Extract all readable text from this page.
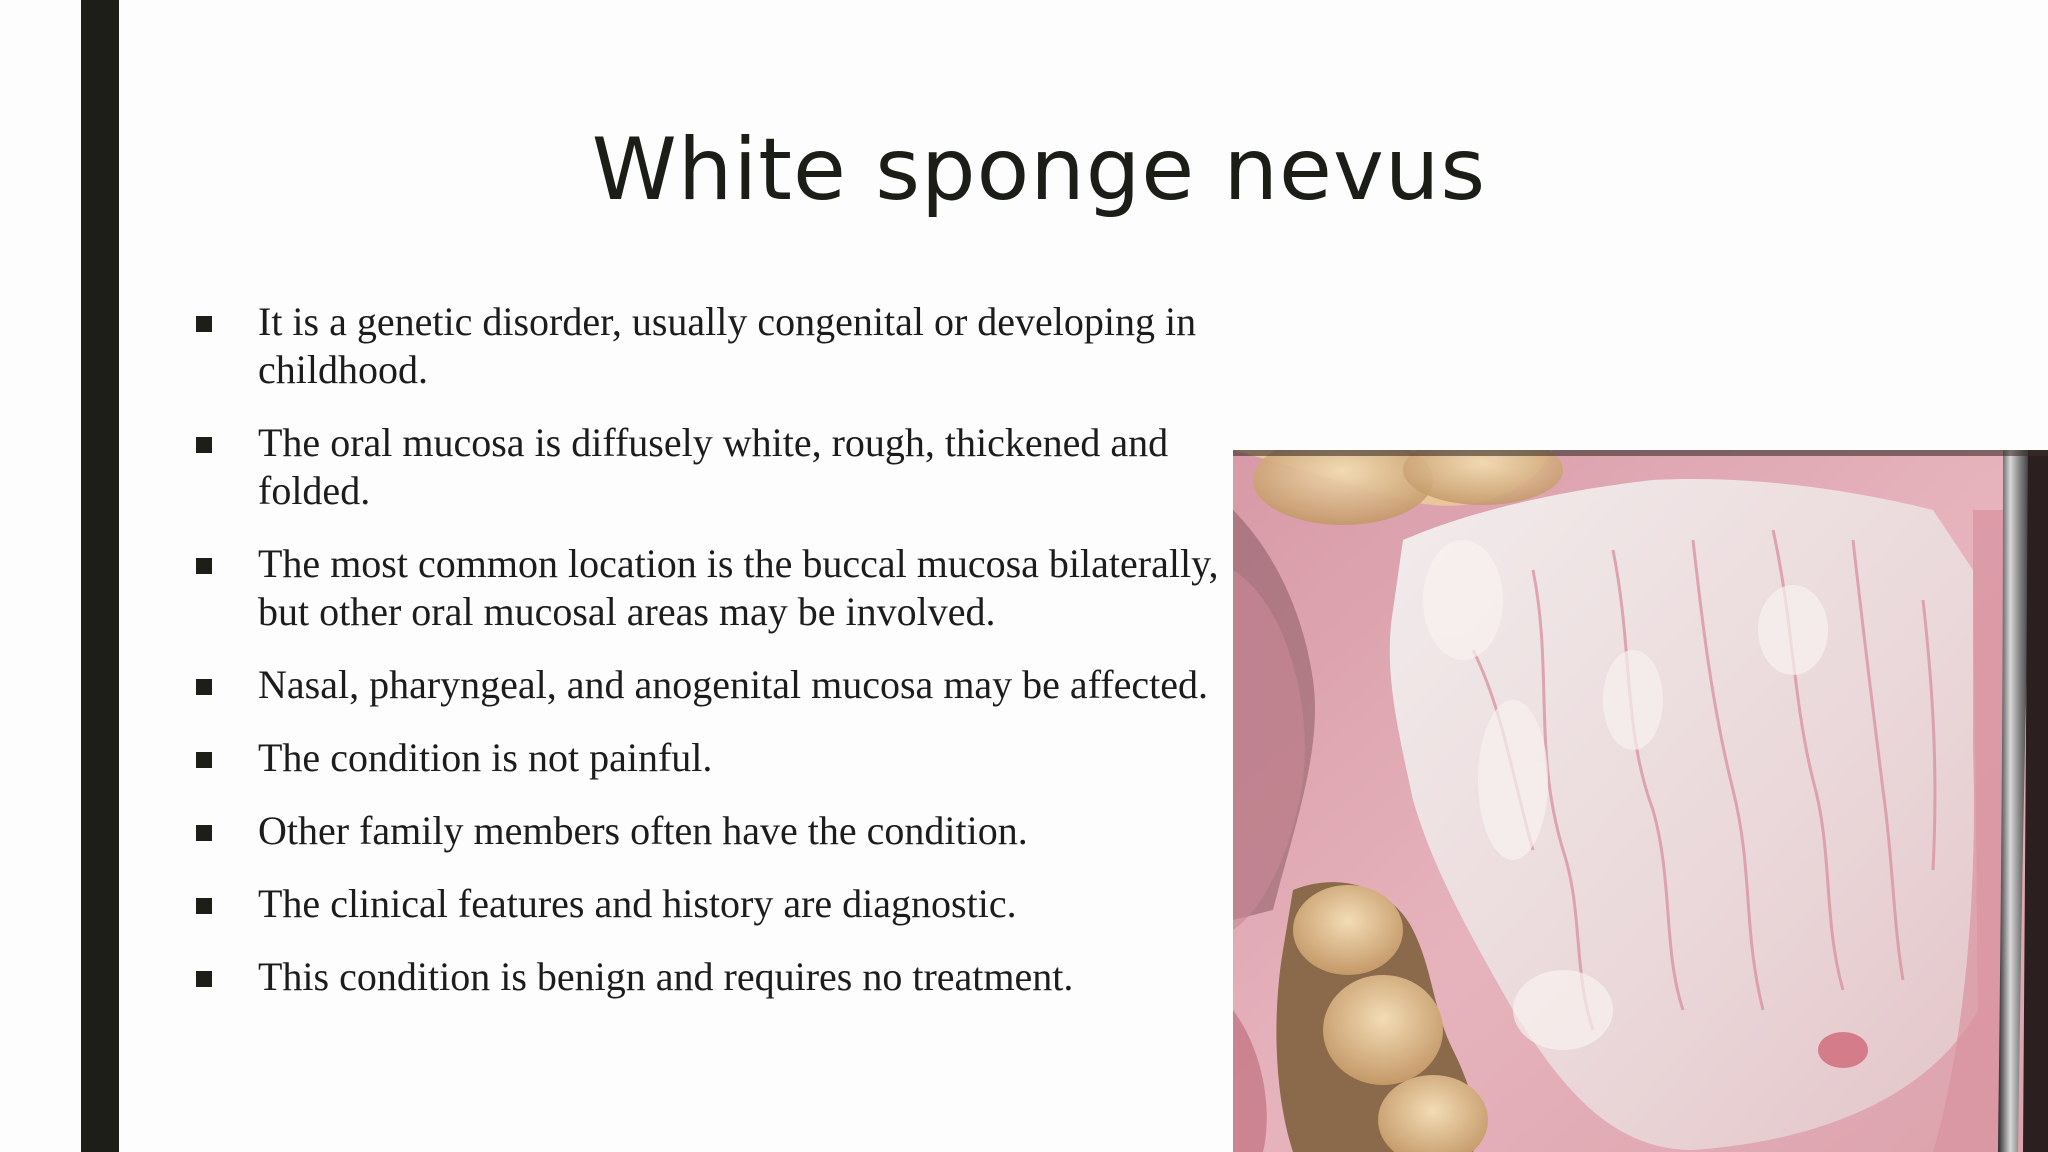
White sponge nevus
It is a genetic disorder, usually congenital or developing in childhood.
The oral mucosa is diffusely white, rough, thickened and folded.
The most common location is the buccal mucosa bilaterally, but other oral mucosal areas may be involved.
Nasal, pharyngeal, and anogenital mucosa may be affected.
The condition is not painful.
Other family members often have the condition.
The clinical features and history are diagnostic.
This condition is benign and requires no treatment.
